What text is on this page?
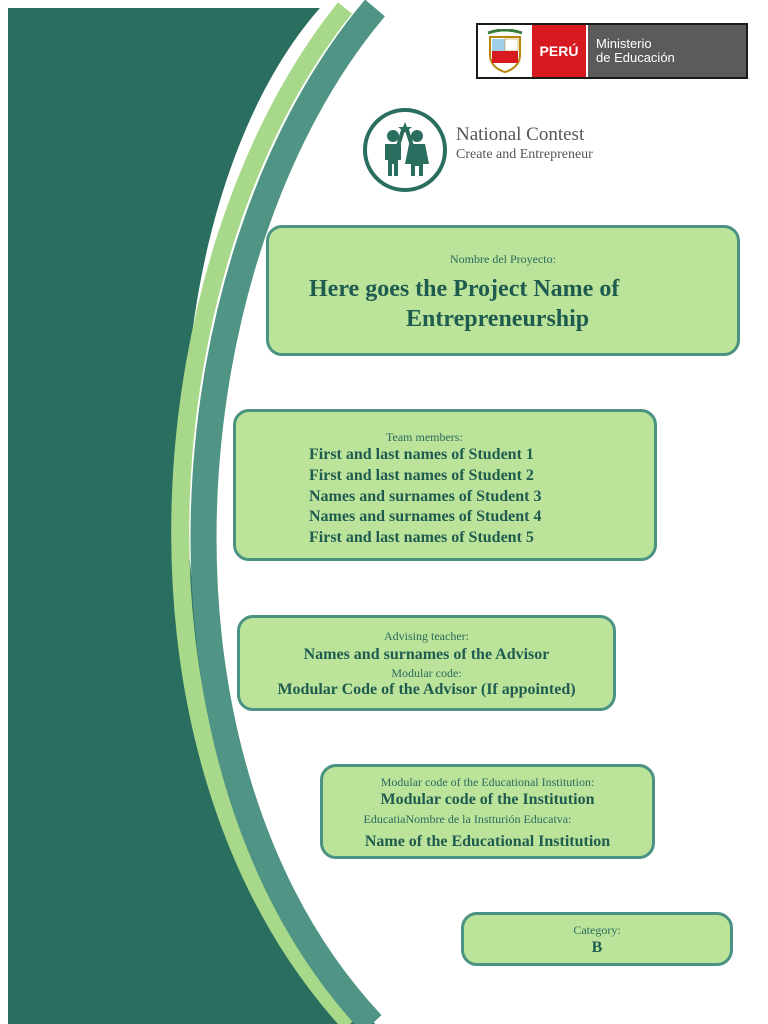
PERÚ	Ministerio
de Educación
National Contest
Create and Entrepreneur
Nombre del Proyecto:
Here goes the Project Name of
Entrepreneurship
Team members:
First and last names of Student 1
First and last names of Student 2
Names and surnames of Student 3
Names and surnames of Student 4
First and last names of Student 5
Advising teacher:
Names and surnames of the Advisor
Modular code:
Modular Code of the Advisor (If appointed)
Modular code of the Educational Institution:
Modular code of the Institution
EducatiaNombre de la Instturión Educatva:
Name of the Educational Institution
Category:
B
